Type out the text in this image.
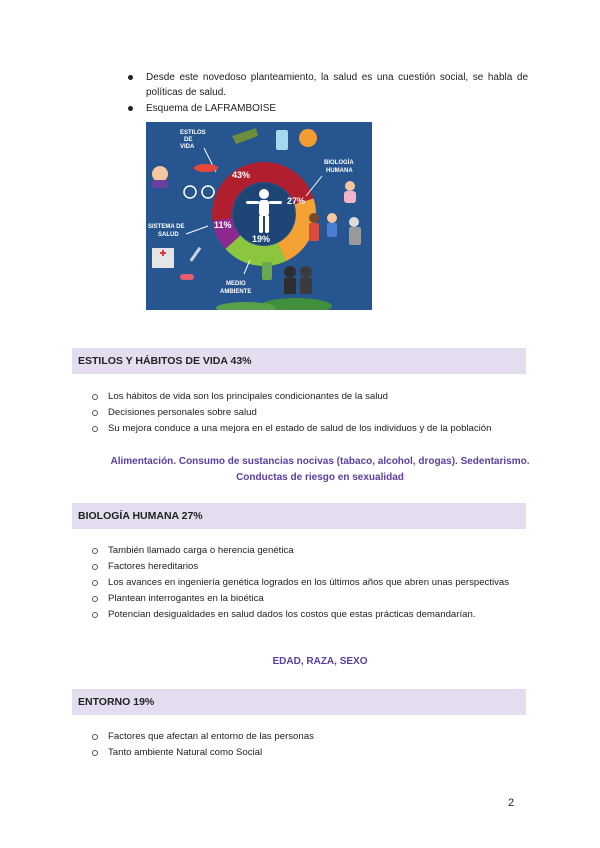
Desde este novedoso planteamiento, la salud es una cuestión social, se habla de políticas de salud.
Esquema de LAFRAMBOISE
43%
27%
11%
19%
ESTILOS
DE
VIDA
BIOLOGÍA
HUMANA
SISTEMA DE
SALUD
MEDIO
AMBIENTE
ESTILOS Y HÁBITOS DE VIDA 43%
Los hábitos de vida son los principales condicionantes de la salud
Decisiones personales sobre salud
Su mejora conduce a una mejora en el estado de salud de los individuos y de la población
Alimentación. Consumo de sustancias nocivas (tabaco, alcohol, drogas). Sedentarismo.
Conductas de riesgo en sexualidad
BIOLOGÍA HUMANA 27%
También llamado carga o herencia genética
Factores hereditarios
Los avances en ingeniería genética logrados en los últimos años que abren unas perspectivas
Plantean interrogantes en la bioética
Potencian desigualdades en salud dados los costos que estas prácticas demandarían.
EDAD, RAZA, SEXO
ENTORNO 19%
Factores que afectan al entorno de las personas
Tanto ambiente Natural como Social
2
